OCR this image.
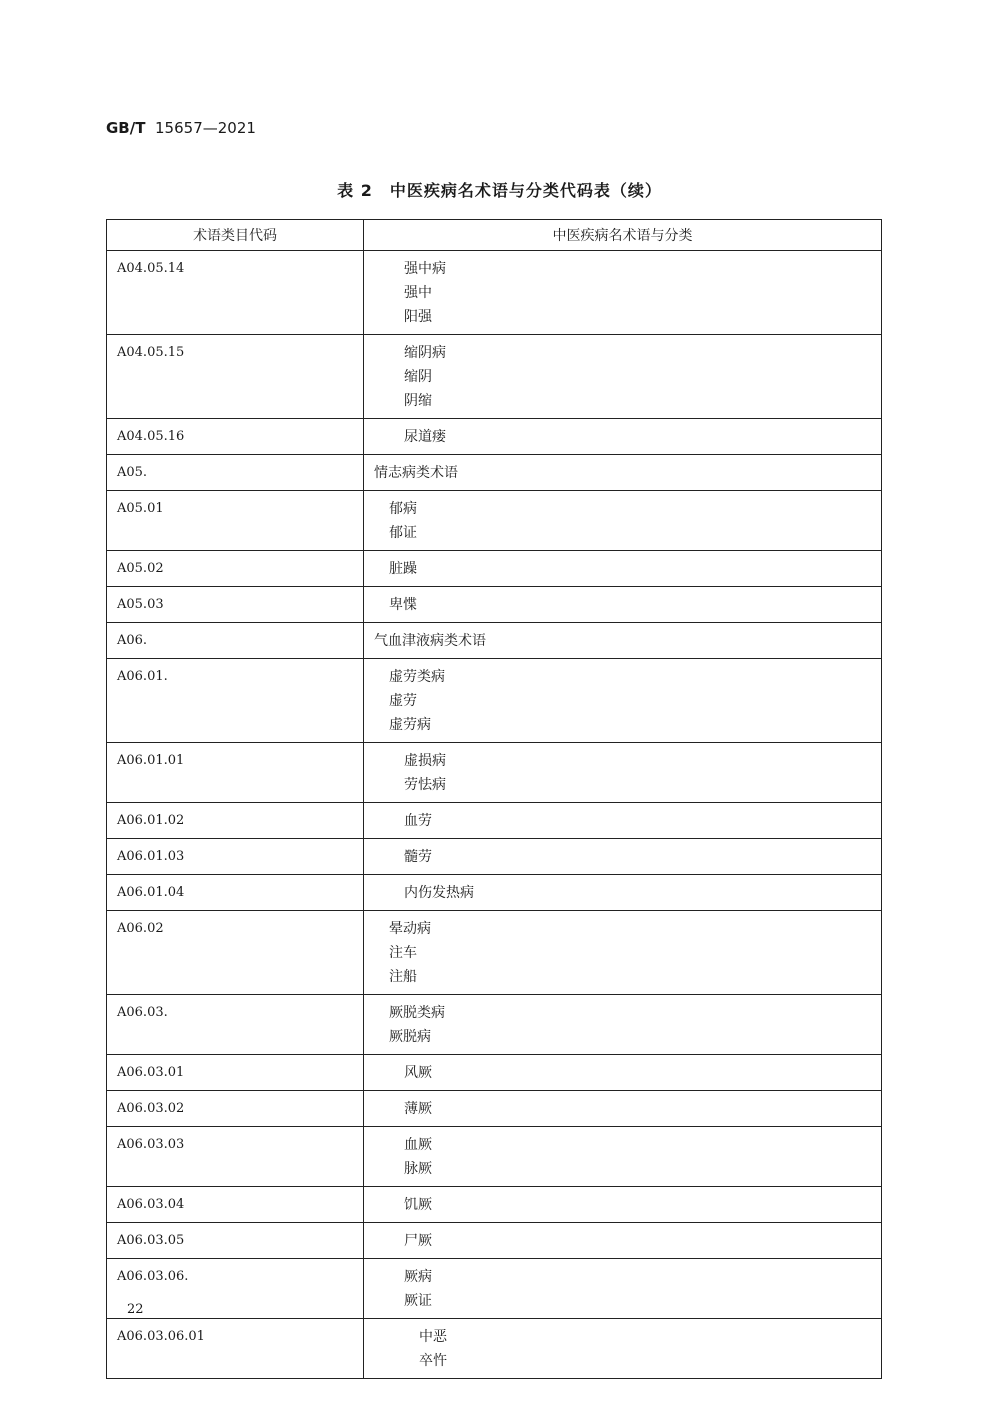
GB/T 15657—2021
表 2　中医疾病名术语与分类代码表（续）
术语类目代码	中医疾病名术语与分类
A04.05.14	强中病
强中
阳强

A04.05.15	缩阴病
缩阴
阴缩

A04.05.16	尿道瘘

A05.	情志病类术语

A05.01	郁病
郁证

A05.02	脏躁

A05.03	卑惵

A06.	气血津液病类术语

A06.01.	虚劳类病
虚劳
虚劳病

A06.01.01	虚损病
劳怯病

A06.01.02	血劳

A06.01.03	髓劳

A06.01.04	内伤发热病

A06.02	晕动病
注车
注船

A06.03.	厥脱类病
厥脱病

A06.03.01	风厥

A06.03.02	薄厥

A06.03.03	血厥
脉厥

A06.03.04	饥厥

A06.03.05	尸厥

A06.03.06.	厥病
厥证

A06.03.06.01	中恶
卒忤
22
